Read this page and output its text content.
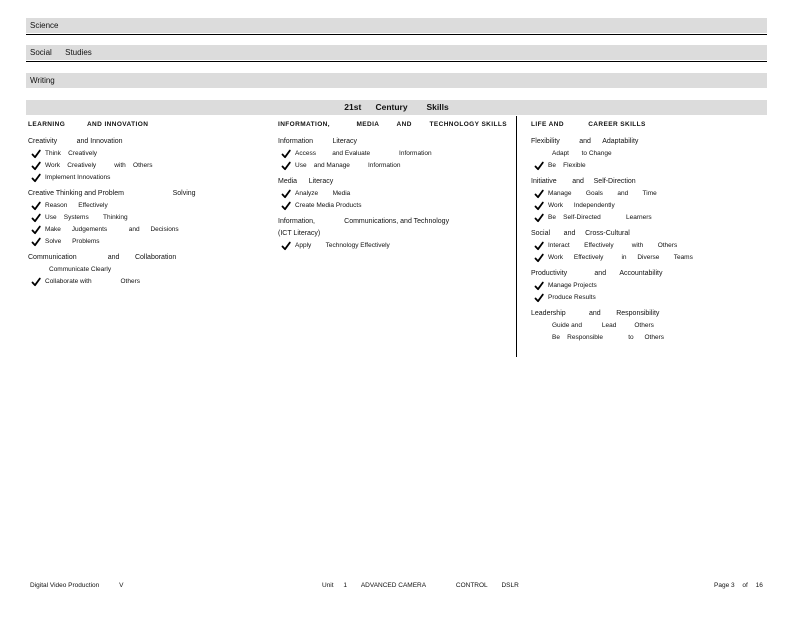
Science
Social      Studies
Writing
21st      Century        Skills
LEARNING          AND INNOVATION
Creativity          and Innovation
Think    Creatively
Work    Creatively          with    Others
Implement Innovations
Creative Thinking and Problem                         Solving
Reason      Effectively
Use    Systems        Thinking
Make      Judgements            and      Decisions
Solve      Problems
Communication                and        Collaboration
Communicate Clearly
Collaborate with                Others
INFORMATION,            MEDIA        AND        TECHNOLOGY SKILLS
Information          Literacy
Access         and Evaluate                Information
Use    and Manage          Information
Media      Literacy
Analyze        Media
Create Media Products
Information,               Communications, and Technology
(ICT Literacy)
Apply        Technology Effectively
LIFE AND           CAREER SKILLS
Flexibility          and      Adaptability
Adapt       to Change
Be    Flexible
Initiative        and     Self-Direction
Manage        Goals        and        Time
Work      Independently
Be    Self-Directed              Learners
Social       and     Cross-Cultural
Interact        Effectively          with        Others
Work      Effectively          in      Diverse        Teams
Productivity              and       Accountability
Manage Projects
Produce Results
Leadership            and        Responsibility
Guide and           Lead          Others
Be    Responsible              to      Others
Digital Video Production	V	Unit 1 ADVANCED CAMERA	CONTROL DSLR	Page 3 of 16
